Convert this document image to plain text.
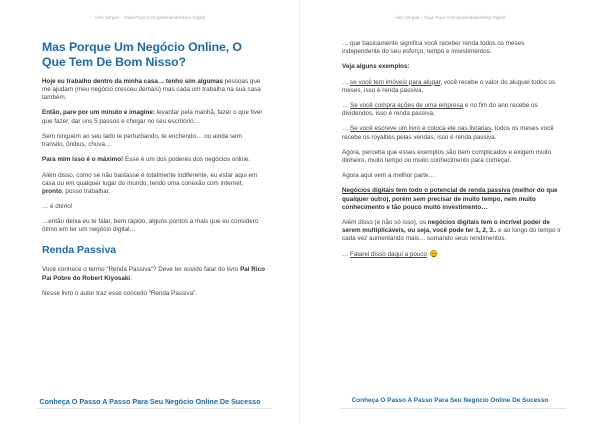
Alex Vargas – Guia Para O Empreendedorismo Digital
Mas Porque Um Negócio Online, O Que Tem De Bom Nisso?

Hoje eu trabalho dentro da minha casa… tenho sim algumas pessoas que me ajudam (meu negócio cresceu demais) mas cada um trabalha na sua casa também.

Então, pare por um minuto e imagine: levantar pela manhã, fazer o que tiver que fazer, dar uns 5 passos e chegar no seu escritório…

Sem ninguém ao seu lado te perturbando, te enchendo… ou ainda sem transito, ônibus, chuva…

Para mim isso é o máximo! Esse é um dos poderes dos negócios online.

Além disso, como se não bastasse é totalmente indiferente, eu estar aqui em casa ou em qualquer lugar do mundo, tendo uma conexão com internet, pronto, posso trabalhar.

… é ótimo!

…então deixa eu te falar, bem rápido, alguns pontos a mais que eu considero ótimo em ter um negócio digital…

Renda Passiva

Você conhece o termo “Renda Passiva”? Deve ter ouvido falar do livro Pai Rico Pai Pobre do Robert Kiyosaki.

Nesse livro o autor traz esse conceito “Renda Passiva”.

Conheça O Passo A Passo Para Seu Negócio Online De Sucesso
Alex Vargas – Guia Para O Empreendedorismo Digital

… que basicamente significa você receber renda todos os meses independente do seu esforço, tempo e investimentos.

Veja alguns exemplos:

… se você tem imóveis para alugar, você recebe o valor do aluguel todos os meses, isso é renda passiva.

… Se você compra ações de uma empresa e no fim do ano recebe os dividendos, isso é renda passiva.

… Se você escreve um livro e coloca ele nas livrarias, todos os meses você recebe os royalties pelas vendas, isso é renda passiva.

Agora, perceba que esses exemplos são bem complicados e exigem muito dinheiro, muito tempo ou muito conhecimento para começar.

Agora aqui vem a melhor parte…

Negócios digitais tem todo o potencial de renda passiva (melhor do que qualquer outro), porém sem precisar de muito tempo, nem muito conhecimento e tão pouco muito investimento…

Além disso (e não só isso), os negócios digitais tem o incrível poder de serem multiplicáveis, ou seja, você pode ter 1, 2, 3.. e ao longo do tempo ir cada vez aumentando mais… somando seus rendimentos.

… Falarei disso daqui a pouco

Conheça O Passo A Passo Para Seu Negócio Online De Sucesso
